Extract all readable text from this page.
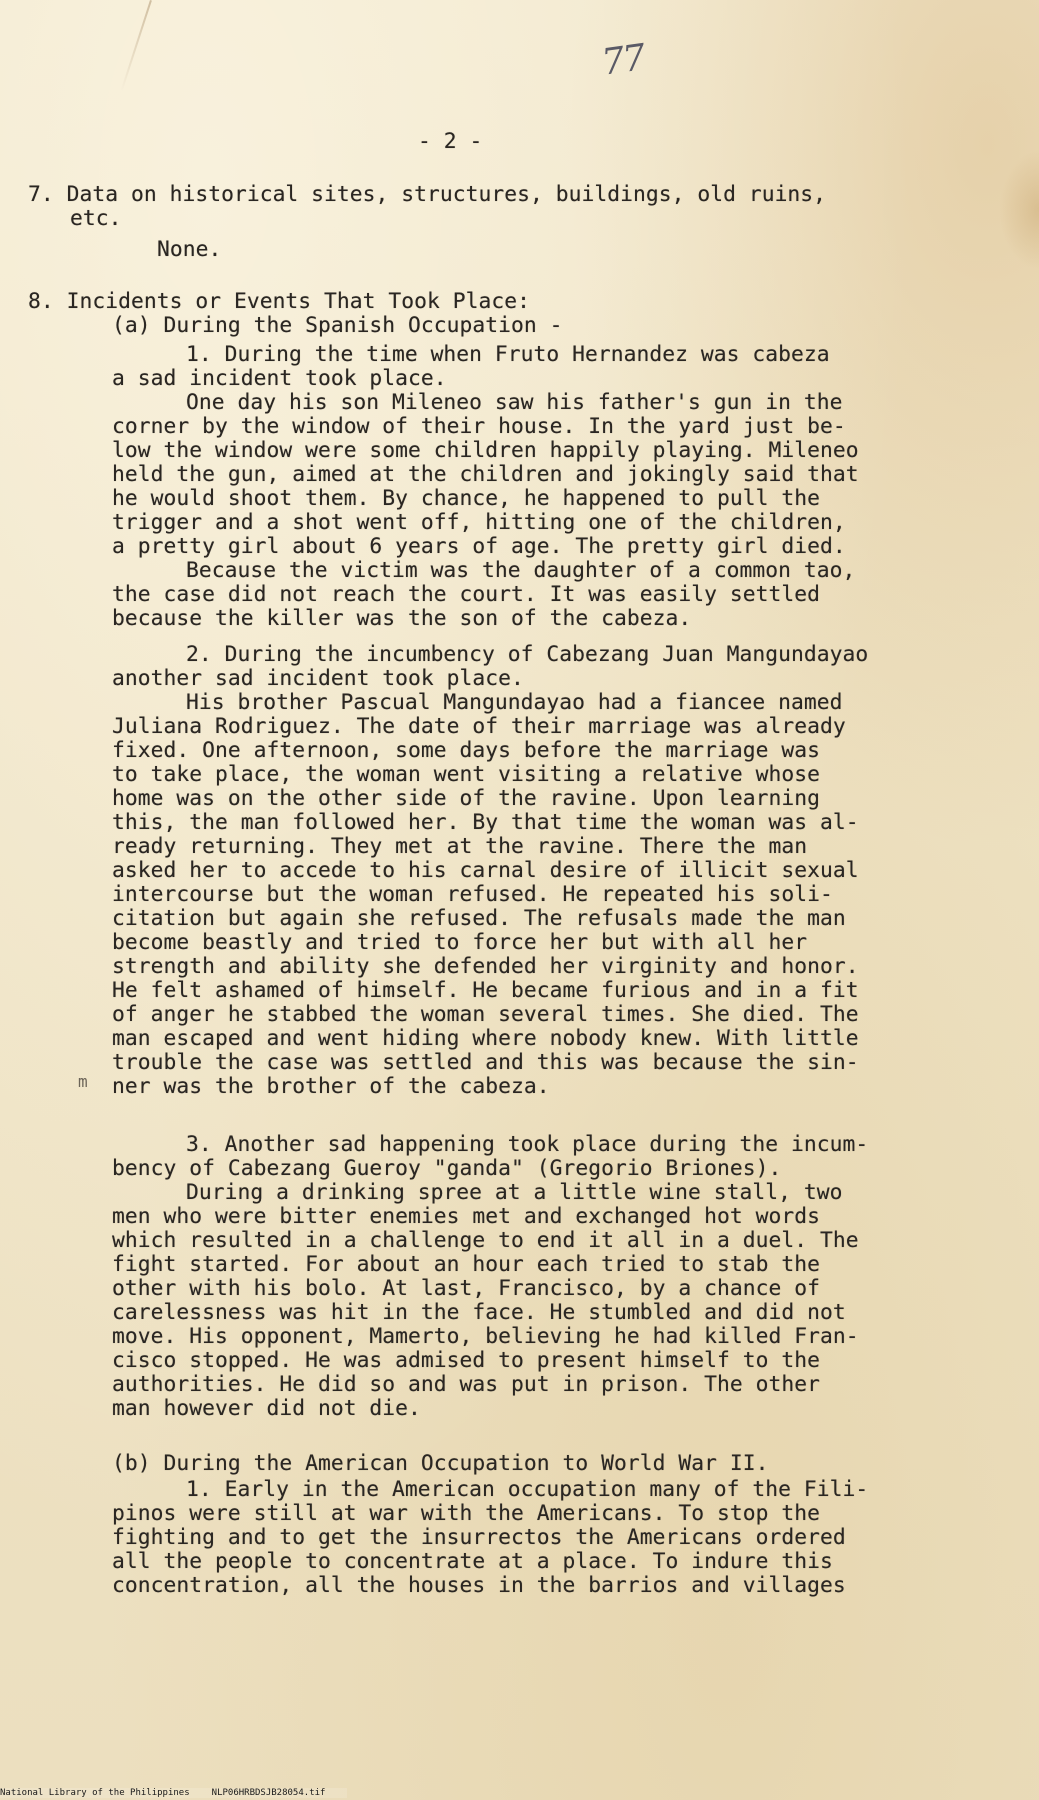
77
- 2 -
7. Data on historical sites, structures, buildings, old ruins,
etc.
None.
8. Incidents or Events That Took Place:
(a) During the Spanish Occupation -
1. During the time when Fruto Hernandez was cabeza
a sad incident took place.
One day his son Mileneo saw his father's gun in the
corner by the window of their house. In the yard just be-
low the window were some children happily playing. Mileneo
held the gun, aimed at the children and jokingly said that
he would shoot them. By chance, he happened to pull the
trigger and a shot went off, hitting one of the children,
a pretty girl about 6 years of age. The pretty girl died.
Because the victim was the daughter of a common tao,
the case did not reach the court. It was easily settled
because the killer was the son of the cabeza.
2. During the incumbency of Cabezang Juan Mangundayao
another sad incident took place.
His brother Pascual Mangundayao had a fiancee named
Juliana Rodriguez. The date of their marriage was already
fixed. One afternoon, some days before the marriage was
to take place, the woman went visiting a relative whose
home was on the other side of the ravine. Upon learning
this, the man followed her. By that time the woman was al-
ready returning. They met at the ravine. There the man
asked her to accede to his carnal desire of illicit sexual
intercourse but the woman refused. He repeated his soli-
citation but again she refused. The refusals made the man
become beastly and tried to force her but with all her
strength and ability she defended her virginity and honor.
He felt ashamed of himself. He became furious and in a fit
of anger he stabbed the woman several times. She died. The
man escaped and went hiding where nobody knew. With little
m
trouble the case was settled and this was because the sin-
ner was the brother of the cabeza.
3. Another sad happening took place during the incum-
bency of Cabezang Gueroy "ganda" (Gregorio Briones).
During a drinking spree at a little wine stall, two
men who were bitter enemies met and exchanged hot words
which resulted in a challenge to end it all in a duel. The
fight started. For about an hour each tried to stab the
other with his bolo. At last, Francisco, by a chance of
carelessness was hit in the face. He stumbled and did not
move. His opponent, Mamerto, believing he had killed Fran-
cisco stopped. He was admised to present himself to the
authorities. He did so and was put in prison. The other
man however did not die.
(b) During the American Occupation to World War II.
1. Early in the American occupation many of the Fili-
pinos were still at war with the Americans. To stop the
fighting and to get the insurrectos the Americans ordered
all the people to concentrate at a place. To indure this
concentration, all the houses in the barrios and villages
National Library of the Philippines NLP06HRBDSJB28054.tif
